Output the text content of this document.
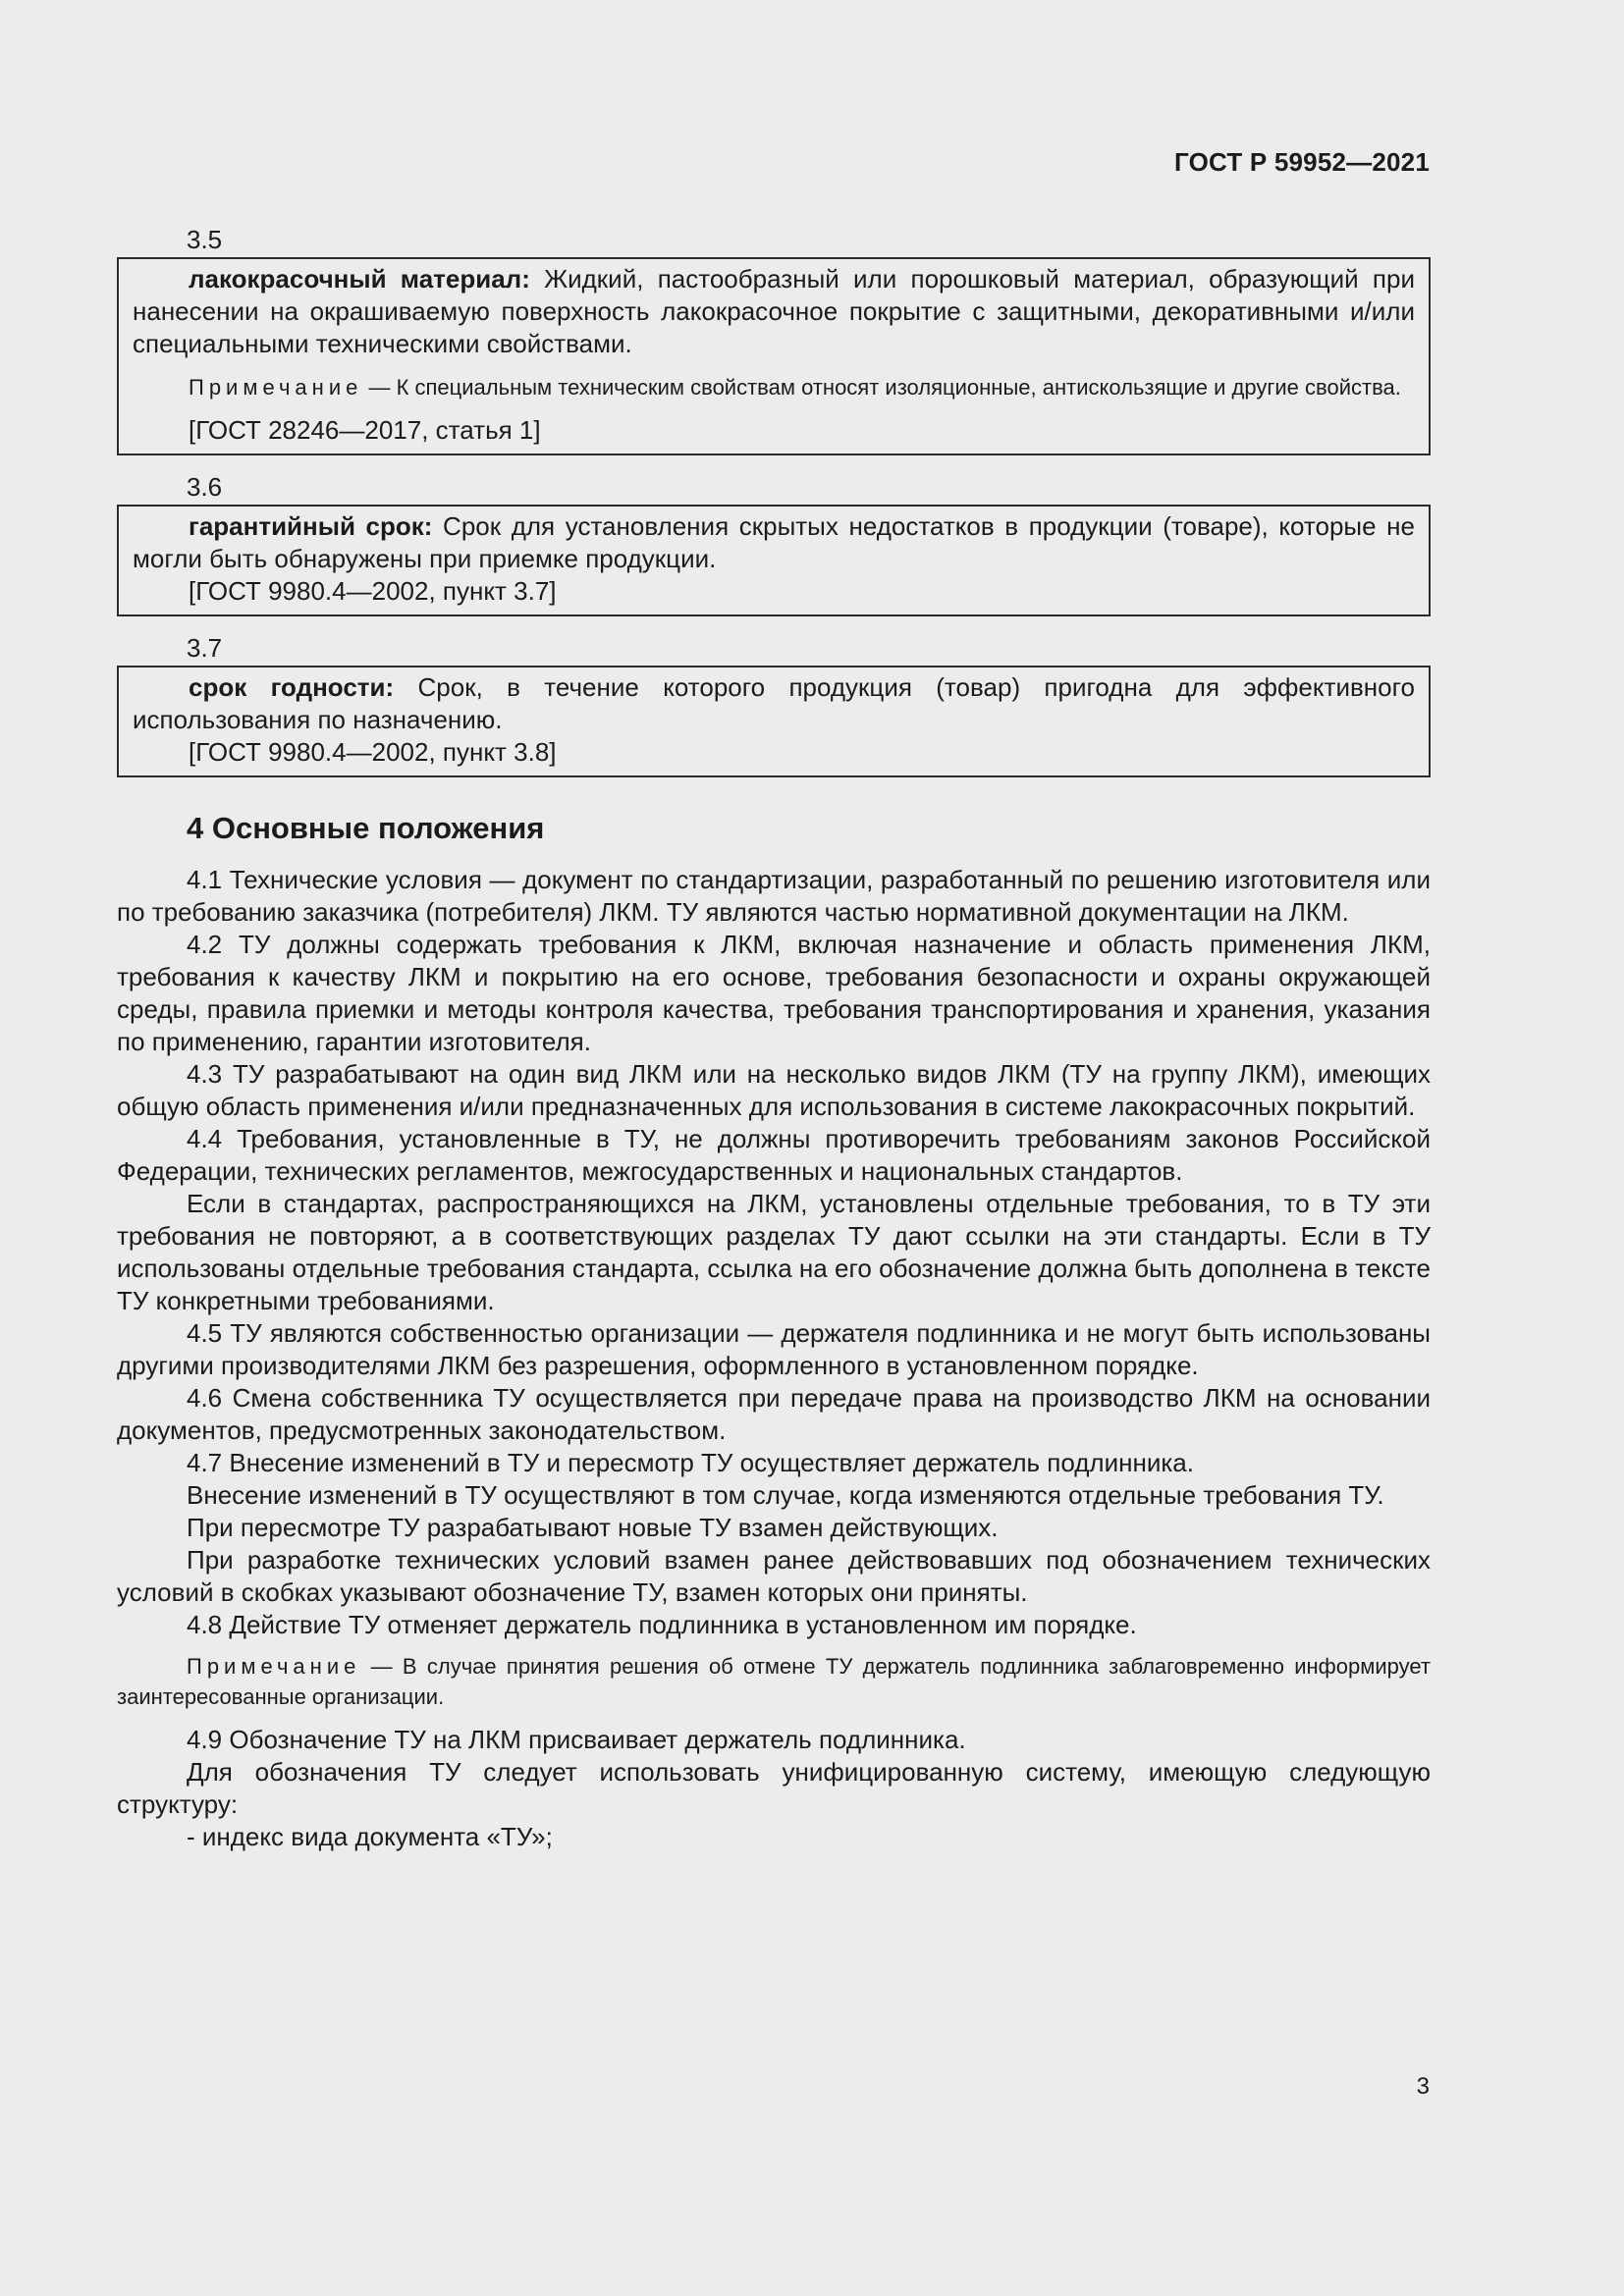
ГОСТ Р 59952—2021

3.5

лакокрасочный материал: Жидкий, пастообразный или порошковый материал, образующий при нанесении на окрашиваемую поверхность лакокрасочное покрытие с защитными, декоративными и/или специальными техническими свойствами.

Примечание — К специальным техническим свойствам относят изоляционные, антискользящие и другие свойства.

[ГОСТ 28246—2017, статья 1]

3.6

гарантийный срок: Срок для установления скрытых недостатков в продукции (товаре), которые не могли быть обнаружены при приемке продукции.

[ГОСТ 9980.4—2002, пункт 3.7]

3.7

срок годности: Срок, в течение которого продукция (товар) пригодна для эффективного использования по назначению.

[ГОСТ 9980.4—2002, пункт 3.8]

4 Основные положения

4.1 Технические условия — документ по стандартизации, разработанный по решению изготовителя или по требованию заказчика (потребителя) ЛКМ. ТУ являются частью нормативной документации на ЛКМ.

4.2 ТУ должны содержать требования к ЛКМ, включая назначение и область применения ЛКМ, требования к качеству ЛКМ и покрытию на его основе, требования безопасности и охраны окружающей среды, правила приемки и методы контроля качества, требования транспортирования и хранения, указания по применению, гарантии изготовителя.

4.3 ТУ разрабатывают на один вид ЛКМ или на несколько видов ЛКМ (ТУ на группу ЛКМ), имеющих общую область применения и/или предназначенных для использования в системе лакокрасочных покрытий.

4.4 Требования, установленные в ТУ, не должны противоречить требованиям законов Российской Федерации, технических регламентов, межгосударственных и национальных стандартов.

Если в стандартах, распространяющихся на ЛКМ, установлены отдельные требования, то в ТУ эти требования не повторяют, а в соответствующих разделах ТУ дают ссылки на эти стандарты. Если в ТУ использованы отдельные требования стандарта, ссылка на его обозначение должна быть дополнена в тексте ТУ конкретными требованиями.

4.5 ТУ являются собственностью организации — держателя подлинника и не могут быть использованы другими производителями ЛКМ без разрешения, оформленного в установленном порядке.

4.6 Смена собственника ТУ осуществляется при передаче права на производство ЛКМ на основании документов, предусмотренных законодательством.

4.7 Внесение изменений в ТУ и пересмотр ТУ осуществляет держатель подлинника.

Внесение изменений в ТУ осуществляют в том случае, когда изменяются отдельные требования ТУ.

При пересмотре ТУ разрабатывают новые ТУ взамен действующих.

При разработке технических условий взамен ранее действовавших под обозначением технических условий в скобках указывают обозначение ТУ, взамен которых они приняты.

4.8 Действие ТУ отменяет держатель подлинника в установленном им порядке.

Примечание — В случае принятия решения об отмене ТУ держатель подлинника заблаговременно информирует заинтересованные организации.

4.9 Обозначение ТУ на ЛКМ присваивает держатель подлинника.

Для обозначения ТУ следует использовать унифицированную систему, имеющую следующую структуру:

- индекс вида документа «ТУ»;

3
